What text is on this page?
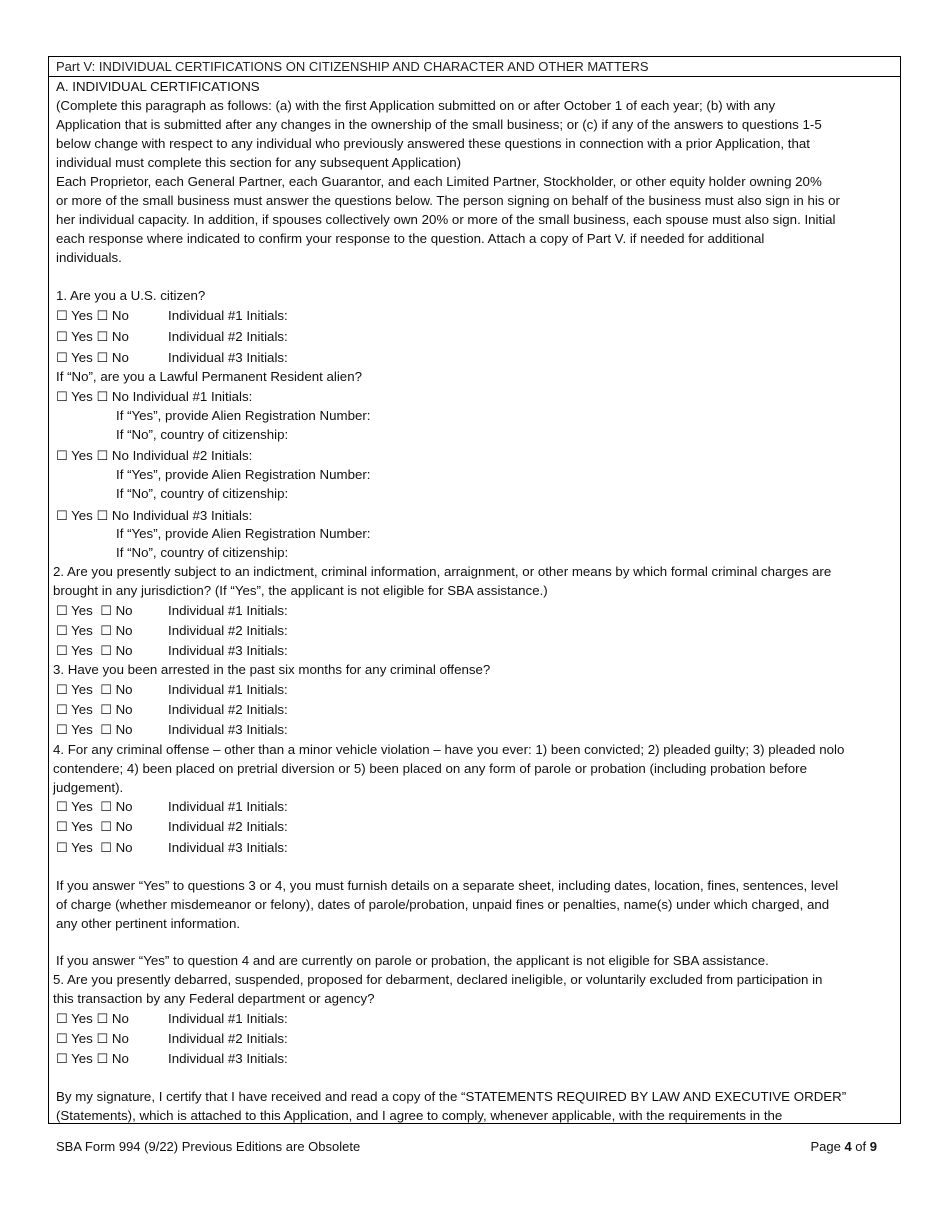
Part V: INDIVIDUAL CERTIFICATIONS ON CITIZENSHIP AND CHARACTER AND OTHER MATTERS
A. INDIVIDUAL CERTIFICATIONS
(Complete this paragraph as follows: (a) with the first Application submitted on or after October 1 of each year; (b) with any
Application that is submitted after any changes in the ownership of the small business; or (c) if any of the answers to questions 1-5
below change with respect to any individual who previously answered these questions in connection with a prior Application, that
individual must complete this section for any subsequent Application)
Each Proprietor, each General Partner, each Guarantor, and each Limited Partner, Stockholder, or other equity holder owning 20%
or more of the small business must answer the questions below. The person signing on behalf of the business must also sign in his or
her individual capacity. In addition, if spouses collectively own 20% or more of the small business, each spouse must also sign. Initial
each response where indicated to confirm your response to the question. Attach a copy of Part V. if needed for additional
individuals.
1. Are you a U.S. citizen?
☐ Yes ☐ No	Individual #1 Initials:
☐ Yes ☐ No	Individual #2 Initials:
☐ Yes ☐ No	Individual #3 Initials:
If “No”, are you a Lawful Permanent Resident alien?
☐ Yes ☐ No Individual #1 Initials:
If “Yes”, provide Alien Registration Number:
If “No”, country of citizenship:
☐ Yes ☐ No Individual #2 Initials:
If “Yes”, provide Alien Registration Number:
If “No”, country of citizenship:
☐ Yes ☐ No Individual #3 Initials:
If “Yes”, provide Alien Registration Number:
If “No”, country of citizenship:
2. Are you presently subject to an indictment, criminal information, arraignment, or other means by which formal criminal charges are
brought in any jurisdiction? (If “Yes”, the applicant is not eligible for SBA assistance.)
☐ Yes ☐ No	Individual #1 Initials:
☐ Yes ☐ No	Individual #2 Initials:
☐ Yes ☐ No	Individual #3 Initials:
3. Have you been arrested in the past six months for any criminal offense?
☐ Yes ☐ No	Individual #1 Initials:
☐ Yes ☐ No	Individual #2 Initials:
☐ Yes ☐ No	Individual #3 Initials:
4. For any criminal offense – other than a minor vehicle violation – have you ever: 1) been convicted; 2) pleaded guilty; 3) pleaded nolo
contendere; 4) been placed on pretrial diversion or 5) been placed on any form of parole or probation (including probation before
judgement).
☐ Yes ☐ No	Individual #1 Initials:
☐ Yes ☐ No	Individual #2 Initials:
☐ Yes ☐ No	Individual #3 Initials:
If you answer “Yes” to questions 3 or 4, you must furnish details on a separate sheet, including dates, location, fines, sentences, level
of charge (whether misdemeanor or felony), dates of parole/probation, unpaid fines or penalties, name(s) under which charged, and
any other pertinent information.
If you answer “Yes” to question 4 and are currently on parole or probation, the applicant is not eligible for SBA assistance.
5. Are you presently debarred, suspended, proposed for debarment, declared ineligible, or voluntarily excluded from participation in
this transaction by any Federal department or agency?
☐ Yes ☐ No	Individual #1 Initials:
☐ Yes ☐ No	Individual #2 Initials:
☐ Yes ☐ No	Individual #3 Initials:
By my signature, I certify that I have received and read a copy of the “STATEMENTS REQUIRED BY LAW AND EXECUTIVE ORDER”
(Statements), which is attached to this Application, and I agree to comply, whenever applicable, with the requirements in the
SBA Form 994 (9/22) Previous Editions are Obsolete	Page 4 of 9
